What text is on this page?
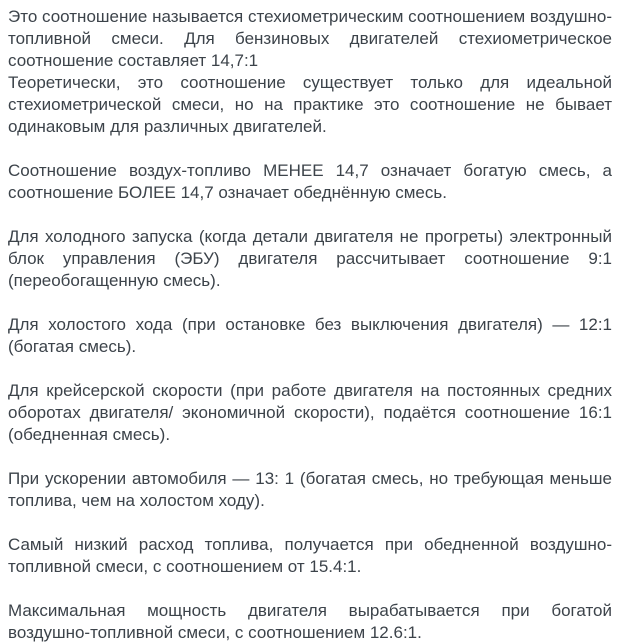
Это соотношение называется стехиометрическим соотношением воздушно-топливной смеси. Для бензиновых двигателей стехиометрическое соотношение составляет 14,7:1

Теоретически, это соотношение существует только для идеальной стехиометрической смеси, но на практике это соотношение не бывает одинаковым для различных двигателей.

Соотношение воздух-топливо МЕНЕЕ 14,7 означает богатую смесь, а соотношение БОЛЕЕ 14,7 означает обеднённую смесь.

Для холодного запуска (когда детали двигателя не прогреты) электронный блок управления (ЭБУ) двигателя рассчитывает соотношение 9:1 (переобогащенную смесь).

Для холостого хода (при остановке без выключения двигателя) — 12:1 (богатая смесь).

Для крейсерской скорости (при работе двигателя на постоянных средних оборотах двигателя/ экономичной скорости), подаётся соотношение 16:1 (обедненная смесь).

При ускорении автомобиля — 13: 1 (богатая смесь, но требующая меньше топлива, чем на холостом ходу).

Самый низкий расход топлива, получается при обедненной воздушно-топливной смеси, с соотношением от 15.4:1.

Максимальная мощность двигателя вырабатывается при богатой воздушно-топливной смеси, с соотношением 12.6:1.
